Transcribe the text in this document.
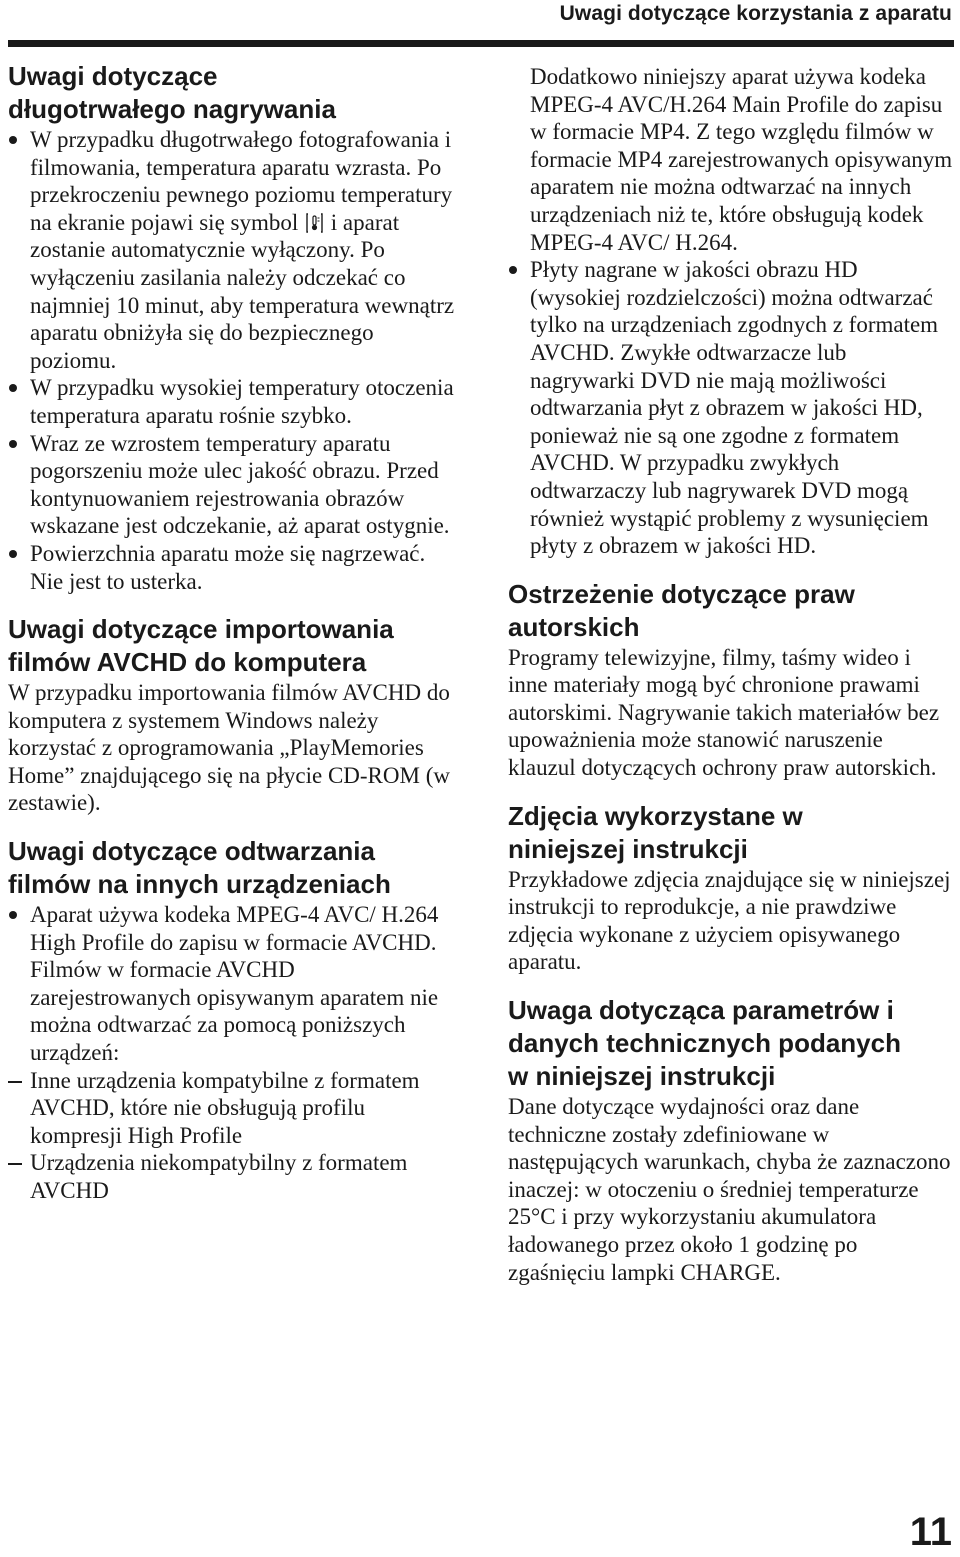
Uwagi dotyczące korzystania z aparatu
Uwagi dotyczące
długotrwałego nagrywania
W przypadku długotrwałego fotografowania i filmowania, temperatura aparatu wzrasta. Po przekroczeniu pewnego poziomu temperatury na ekranie pojawi się symbol i aparat zostanie automatycznie wyłączony. Po wyłączeniu zasilania należy odczekać co najmniej 10 minut, aby temperatura wewnątrz aparatu obniżyła się do bezpiecznego poziomu.
W przypadku wysokiej temperatury otoczenia temperatura aparatu rośnie szybko.
Wraz ze wzrostem temperatury aparatu pogorszeniu może ulec jakość obrazu. Przed kontynuowaniem rejestrowania obrazów wskazane jest odczekanie, aż aparat ostygnie.
Powierzchnia aparatu może się nagrzewać. Nie jest to usterka.
Uwagi dotyczące importowania
filmów AVCHD do komputera

W przypadku importowania filmów AVCHD do komputera z systemem Windows należy korzystać z oprogramowania „PlayMemories Home” znajdującego się na płycie CD-ROM (w zestawie).

Uwagi dotyczące odtwarzania
filmów na innych urządzeniach
Aparat używa kodeka MPEG-4 AVC/ H.264 High Profile do zapisu w formacie AVCHD. Filmów w formacie AVCHD zarejestrowanych opisywanym aparatem nie można odtwarzać za pomocą poniższych urządzeń:
Inne urządzenia kompatybilne z formatem AVCHD, które nie obsługują profilu kompresji High Profile
Urządzenia niekompatybilny z formatem AVCHD

Dodatkowo niniejszy aparat używa kodeka MPEG-4 AVC/H.264 Main Profile do zapisu w formacie MP4. Z tego względu filmów w formacie MP4 zarejestrowanych opisywanym aparatem nie można odtwarzać na innych urządzeniach niż te, które obsługują kodek MPEG-4 AVC/ H.264.

Płyty nagrane w jakości obrazu HD (wysokiej rozdzielczości) można odtwarzać tylko na urządzeniach zgodnych z formatem AVCHD. Zwykłe odtwarzacze lub nagrywarki DVD nie mają możliwości odtwarzania płyt z obrazem w jakości HD, ponieważ nie są one zgodne z formatem AVCHD. W przypadku zwykłych odtwarzaczy lub nagrywarek DVD mogą również wystąpić problemy z wysunięciem płyty z obrazem w jakości HD.
Ostrzeżenie dotyczące praw
autorskich

Programy telewizyjne, filmy, taśmy wideo i inne materiały mogą być chronione prawami autorskimi. Nagrywanie takich materiałów bez upoważnienia może stanowić naruszenie klauzul dotyczących ochrony praw autorskich.

Zdjęcia wykorzystane w
niniejszej instrukcji

Przykładowe zdjęcia znajdujące się w niniejszej instrukcji to reprodukcje, a nie prawdziwe zdjęcia wykonane z użyciem opisywanego aparatu.

Uwaga dotycząca parametrów i
danych technicznych podanych
w niniejszej instrukcji

Dane dotyczące wydajności oraz dane techniczne zostały zdefiniowane w następujących warunkach, chyba że zaznaczono inaczej: w otoczeniu o średniej temperaturze 25°C i przy wykorzystaniu akumulatora ładowanego przez około 1 godzinę po zgaśnięciu lampki CHARGE.

11
